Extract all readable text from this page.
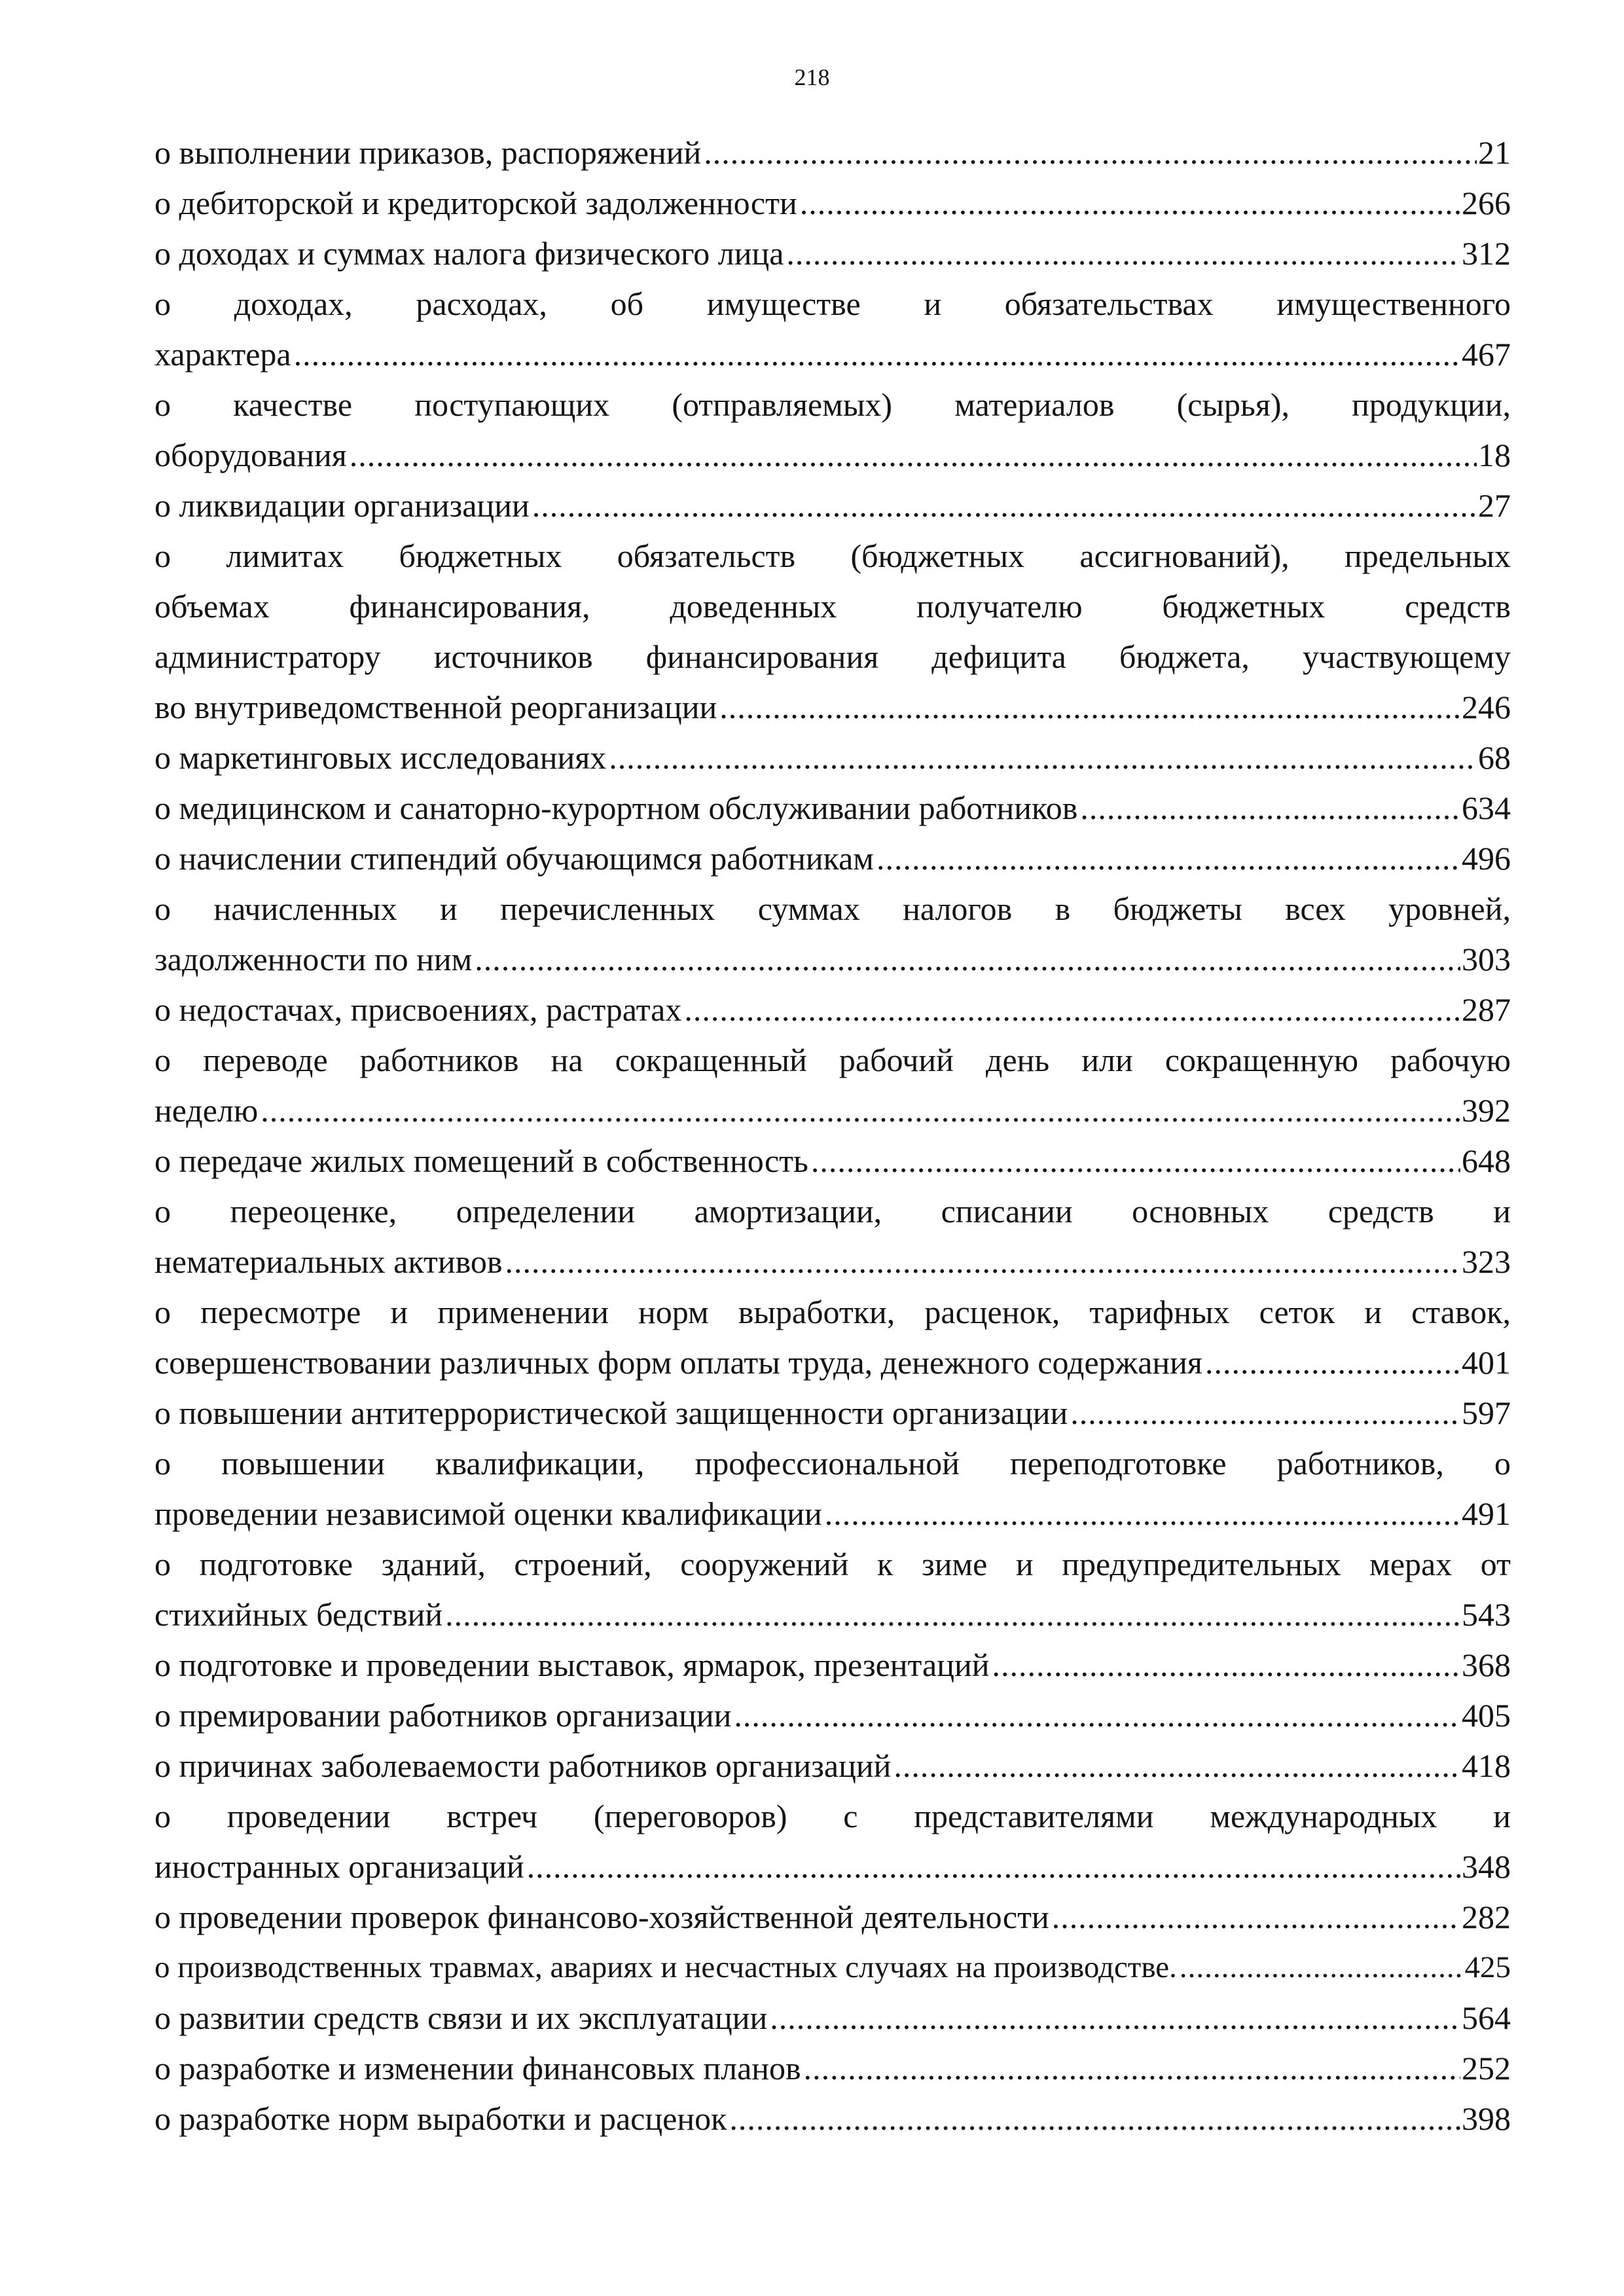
218
о выполнении приказов, распоряжений .....	21
о дебиторской и кредиторской задолженности .....	266
о доходах и суммах налога физического лица .....	312
о доходах, расходах, об имуществе и обязательствах имущественного
характера .....	467
о качестве поступающих (отправляемых) материалов (сырья), продукции,
оборудования .....	18
о ликвидации организации .....	27
о лимитах бюджетных обязательств (бюджетных ассигнований), предельных
объемах финансирования, доведенных получателю бюджетных средств
администратору источников финансирования дефицита бюджета, участвующему
во внутриведомственной реорганизации .....	246
о маркетинговых исследованиях .....	68
о медицинском и санаторно-курортном обслуживании работников .....	634
о начислении стипендий обучающимся работникам .....	496
о начисленных и перечисленных суммах налогов в бюджеты всех уровней,
задолженности по ним .....	303
о недостачах, присвоениях, растратах .....	287
о переводе работников на сокращенный рабочий день или сокращенную рабочую
неделю .....	392
о передаче жилых помещений в собственность .....	648
о переоценке, определении амортизации, списании основных средств и
нематериальных активов .....	323
о пересмотре и применении норм выработки, расценок, тарифных сеток и ставок,
совершенствовании различных форм оплаты труда, денежного содержания .....	401
о повышении антитеррористической защищенности организации .....	597
о повышении квалификации, профессиональной переподготовке работников, о
проведении независимой оценки квалификации .....	491
о подготовке зданий, строений, сооружений к зиме и предупредительных мерах от
стихийных бедствий .....	543
о подготовке и проведении выставок, ярмарок, презентаций .....	368
о премировании работников организации .....	405
о причинах заболеваемости работников организаций .....	418
о проведении встреч (переговоров) с представителями международных и
иностранных организаций .....	348
о проведении проверок финансово-хозяйственной деятельности .....	282
о производственных травмах, авариях и несчастных случаях на производстве. .....	425
о развитии средств связи и их эксплуатации .....	564
о разработке и изменении финансовых планов .....	252
о разработке норм выработки и расценок .....	398
